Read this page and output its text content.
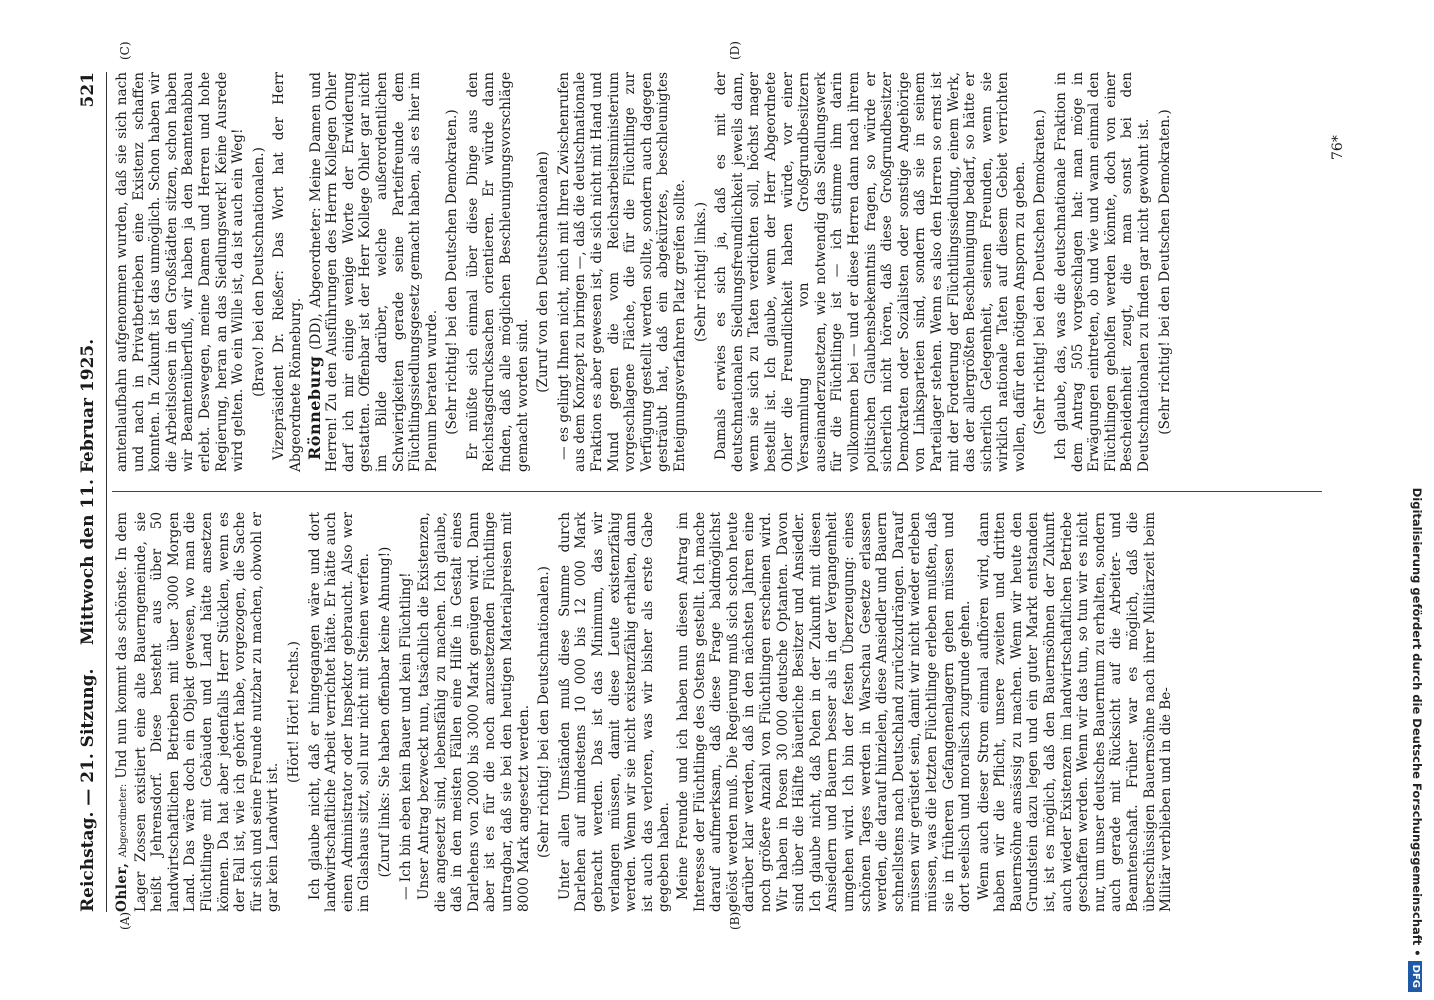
Reichstag. — 21. Sitzung.
Mittwoch den 11. Februar 1925.
521
(A)	(B)
(C)	(D)

Ohler, Abgeordneter: Und nun kommt das schönste. In dem Lager Zossen existiert eine alte Bauerngemeinde, sie heißt Jehrensdorf. Diese besteht aus über 50 landwirtschaftlichen Betrieben mit über 3000 Morgen Land. Das wäre doch ein Objekt gewesen, wo man die Flüchtlinge mit Gebäuden und Land hätte ansetzen können. Da hat aber jedenfalls Herr Stücklen, wenn es der Fall ist, wie ich gehört habe, vorgezogen, die Sache für sich und seine Freunde nutzbar zu machen, obwohl er gar kein Landwirt ist.

(Hört! Hört! rechts.) Ich glaube nicht, daß er hingegangen wäre und dort landwirtschaftliche Arbeit verrichtet hätte. Er hätte auch einen Administrator oder Inspektor gebraucht. Also wer im Glashaus sitzt, soll nur nicht mit Steinen werfen. (Zuruf links: Sie haben offenbar keine Ahnung!) — Ich bin eben kein Bauer und kein Flüchtling! Unser Antrag bezweckt nun, tatsächlich die Existenzen, die angesetzt sind, lebensfähig zu machen. Ich glaube, daß in den meisten Fällen eine Hilfe in Gestalt eines Darlehens von 2000 bis 3000 Mark genügen wird. Dann aber ist es für die noch anzusetzenden Flüchtlinge untragbar, daß sie bei den heutigen Materialpreisen mit 8000 Mark angesetzt werden. (Sehr richtig! bei den Deutschnationalen.) Unter allen Umständen muß diese Summe durch Darlehen auf mindestens 10 000 bis 12 000 Mark gebracht werden. Das ist das Minimum, das wir verlangen müssen, damit diese Leute existenzfähig werden. Wenn wir sie nicht existenzfähig erhalten, dann ist auch das verloren, was wir bisher als erste Gabe gegeben haben. Meine Freunde und ich haben nun diesen Antrag im Interesse der Flüchtlinge des Ostens gestellt. Ich mache darauf aufmerksam, daß diese Frage baldmöglichst gelöst werden muß. Die Regierung muß sich schon heute darüber klar werden, daß in den nächsten Jahren eine noch größere Anzahl von Flüchtlingen erscheinen wird. Wir haben in Posen 30 000 deutsche Optanten. Davon sind über die Hälfte bäuerliche Besitzer und Ansiedler. Ich glaube nicht, daß Polen in der Zukunft mit diesen Ansiedlern und Bauern besser als in der Vergangenheit umgehen wird. Ich bin der festen Überzeugung: eines schönen Tages werden in Warschau Gesetze erlassen werden, die darauf hinzielen, diese Ansiedler und Bauern schnellstens nach Deutschland zurückzudrängen. Darauf müssen wir gerüstet sein, damit wir nicht wieder erleben müssen, was die letzten Flüchtlinge erleben mußten, daß sie in früheren Gefangenenlagern gehen müssen und dort seelisch und moralisch zugrunde gehen. Wenn auch dieser Strom einmal aufhören wird, dann haben wir die Pflicht, unsere zweiten und dritten Bauernsöhne ansässig zu machen. Wenn wir heute den Grundstein dazu legen und ein guter Markt entstanden ist, ist es möglich, daß den Bauernsöhnen der Zukunft auch wieder Existenzen im landwirtschaftlichen Betriebe geschaffen werden. Wenn wir das tun, so tun wir es nicht nur, um unser deutsches Bauerntum zu erhalten, sondern auch gerade mit Rücksicht auf die Arbeiter- und Beamtenschaft. Früher war es möglich, daß die überschüssigen Bauernsöhne nach ihrer Militärzeit beim Militär verblieben und in die Be-

amtenlaufbahn aufgenommen wurden, daß sie sich nach und nach in Privatbetrieben eine Existenz schaffen konnten. In Zukunft ist das unmöglich. Schon haben wir die Arbeitslosen in den Großstädten sitzen, schon haben wir Beamtenüberfluß, wir haben ja den Beamtenabbau erlebt. Deswegen, meine Damen und Herren und hohe Regierung, heran an das Siedlungswerk! Keine Ausrede wird gelten. Wo ein Wille ist, da ist auch ein Weg! (Bravo! bei den Deutschnationalen.) Vizepräsident Dr. Rießer: Das Wort hat der Herr Abgeordnete Rönneburg. Rönneburg (DD), Abgeordneter: Meine Damen und Herren! Zu den Ausführungen des Herrn Kollegen Ohler darf ich mir einige wenige Worte der Erwiderung gestatten. Offenbar ist der Herr Kollege Ohler gar nicht im Bilde darüber, welche außerordentlichen Schwierigkeiten gerade seine Parteifreunde dem Flüchtlingssiedlungsgesetz gemacht haben, als es hier im Plenum beraten wurde. (Sehr richtig! bei den Deutschen Demokraten.) Er müßte sich einmal über diese Dinge aus den Reichstagsdrucksachen orientieren. Er würde dann finden, daß alle möglichen Beschleunigungsvorschläge gemacht worden sind.

(Zuruf von den Deutschnationalen) — es gelingt Ihnen nicht, mich mit Ihren Zwischenrufen aus dem Konzept zu bringen —, daß die deutschnationale Fraktion es aber gewesen ist, die sich nicht mit Hand und Mund gegen die vom Reichsarbeitsministerium vorgeschlagene Fläche, die für die Flüchtlinge zur Verfügung gestellt werden sollte, sondern auch dagegen gesträubt hat, daß ein abgekürztes, beschleunigtes Enteignungsverfahren Platz greifen sollte. (Sehr richtig! links.) Damals erwies es sich ja, daß es mit der deutschnationalen Siedlungsfreundlichkeit jeweils dann, wenn sie sich zu Taten verdichten soll, höchst mager bestellt ist. Ich glaube, wenn der Herr Abgeordnete Ohler die Freundlichkeit haben würde, vor einer Versammlung von Großgrundbesitzern auseinanderzusetzen, wie notwendig das Siedlungswerk für die Flüchtlinge ist — ich stimme ihm darin vollkommen bei — und er diese Herren dann nach ihrem politischen Glaubensbekenntnis fragen, so würde er sicherlich nicht hören, daß diese Großgrundbesitzer Demokraten oder Sozialisten oder sonstige Angehörige von Linksparteien sind, sondern daß sie in seinem Parteilager stehen. Wenn es also den Herren so ernst ist mit der Forderung der Flüchtlingssiedlung, einem Werk, das der allergrößten Beschleunigung bedarf, so hätte er sicherlich Gelegenheit, seinen Freunden, wenn sie wirklich nationale Taten auf diesem Gebiet verrichten wollen, dafür den nötigen Ansporn zu geben. (Sehr richtig! bei den Deutschen Demokraten.) Ich glaube, das, was die deutschnationale Fraktion in dem Antrag 505 vorgeschlagen hat: man möge in Erwägungen eintreten, ob und wie und wann einmal den Flüchtlingen geholfen werden könnte, doch von einer Bescheidenheit zeugt, die man sonst bei den Deutschnationalen zu finden gar nicht gewohnt ist. (Sehr richtig! bei den Deutschen Demokraten.)	76*
Digitalisierung gefördert durch die Deutsche Forschungsgemeinschaft •DFG
